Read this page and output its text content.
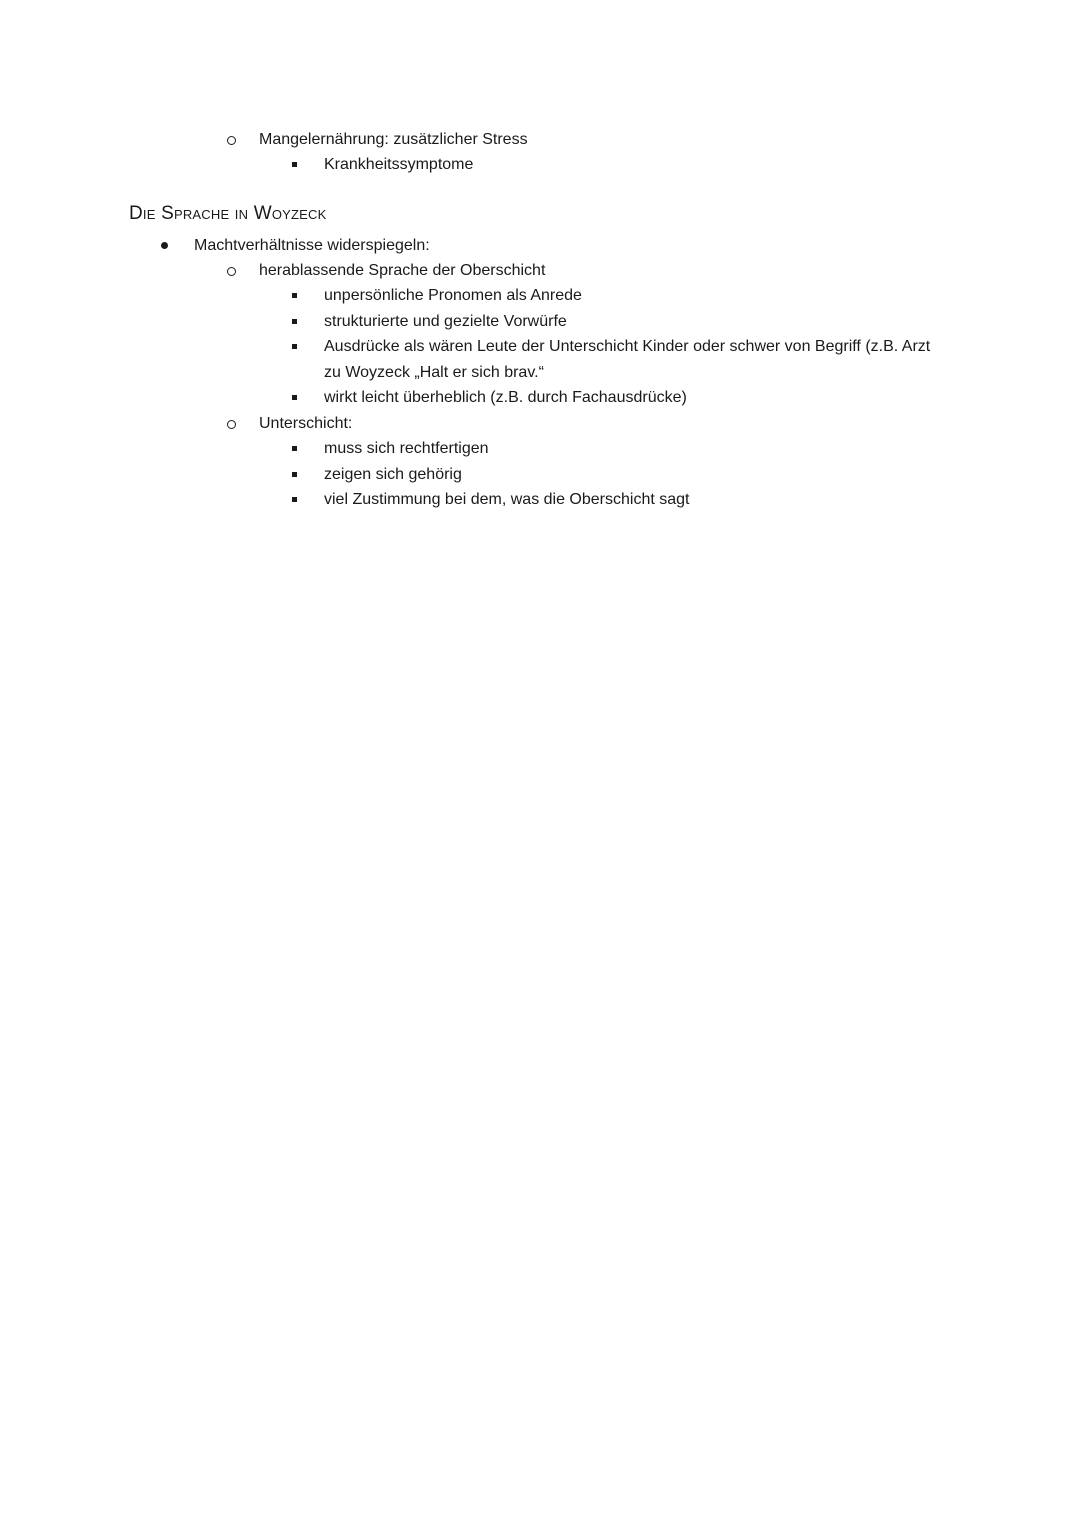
Mangelernährung: zusätzlicher Stress
Krankheitssymptome
Die Sprache in Woyzeck
Machtverhältnisse widerspiegeln:
herablassende Sprache der Oberschicht
unpersönliche Pronomen als Anrede
strukturierte und gezielte Vorwürfe
Ausdrücke als wären Leute der Unterschicht Kinder oder schwer von Begriff (z.B. Arzt
zu Woyzeck „Halt er sich brav.“
wirkt leicht überheblich (z.B. durch Fachausdrücke)
Unterschicht:
muss sich rechtfertigen
zeigen sich gehörig
viel Zustimmung bei dem, was die Oberschicht sagt
